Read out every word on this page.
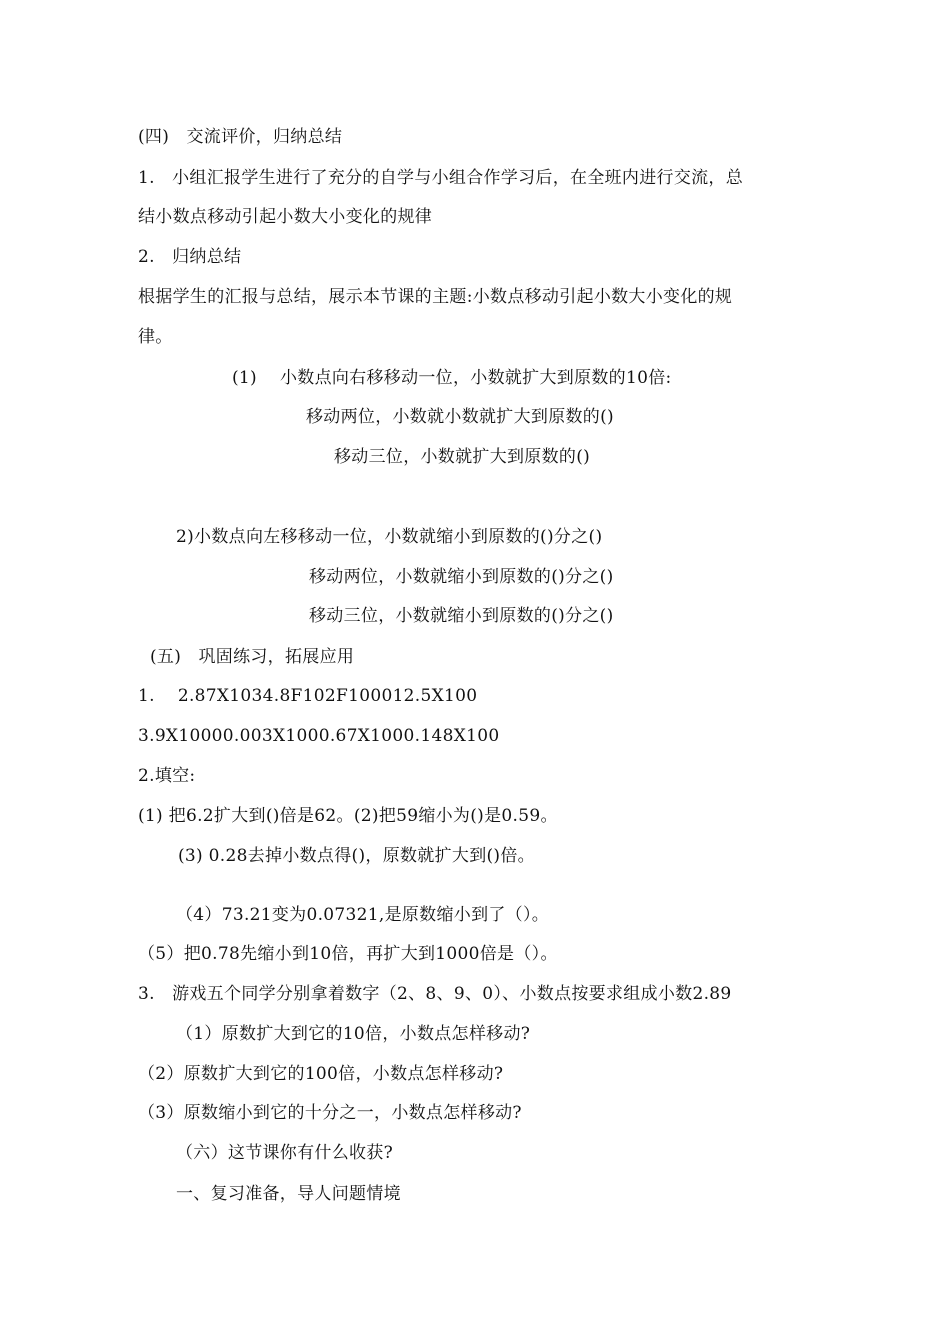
(四)　交流评价，归纳总结
1.　小组汇报学生进行了充分的自学与小组合作学习后，在全班内进行交流，总
结小数点移动引起小数大小变化的规律
2.　归纳总结
根据学生的汇报与总结，展示本节课的主题:小数点移动引起小数大小变化的规
律。
(1)　 小数点向右移移动一位，小数就扩大到原数的10倍:
移动两位，小数就小数就扩大到原数的()
移动三位，小数就扩大到原数的()
2)小数点向左移移动一位，小数就缩小到原数的()分之()
移动两位，小数就缩小到原数的()分之()
移动三位，小数就缩小到原数的()分之()
(五)　巩固练习，拓展应用
1.　 2.87X1034.8F102F100012.5X100
3.9X10000.003X1000.67X1000.148X100
2.填空:
(1) 把6.2扩大到()倍是62。(2)把59缩小为()是0.59。
(3) 0.28去掉小数点得()，原数就扩大到()倍。
（4）73.21变为0.07321,是原数缩小到了（）。
（5）把0.78先缩小到10倍，再扩大到1000倍是（）。
3.　游戏五个同学分别拿着数字（2、8、9、0）、小数点按要求组成小数2.89
（1）原数扩大到它的10倍，小数点怎样移动?
（2）原数扩大到它的100倍，小数点怎样移动?
（3）原数缩小到它的十分之一，小数点怎样移动?
（六）这节课你有什么收获?
一、复习准备，导人问题情境
